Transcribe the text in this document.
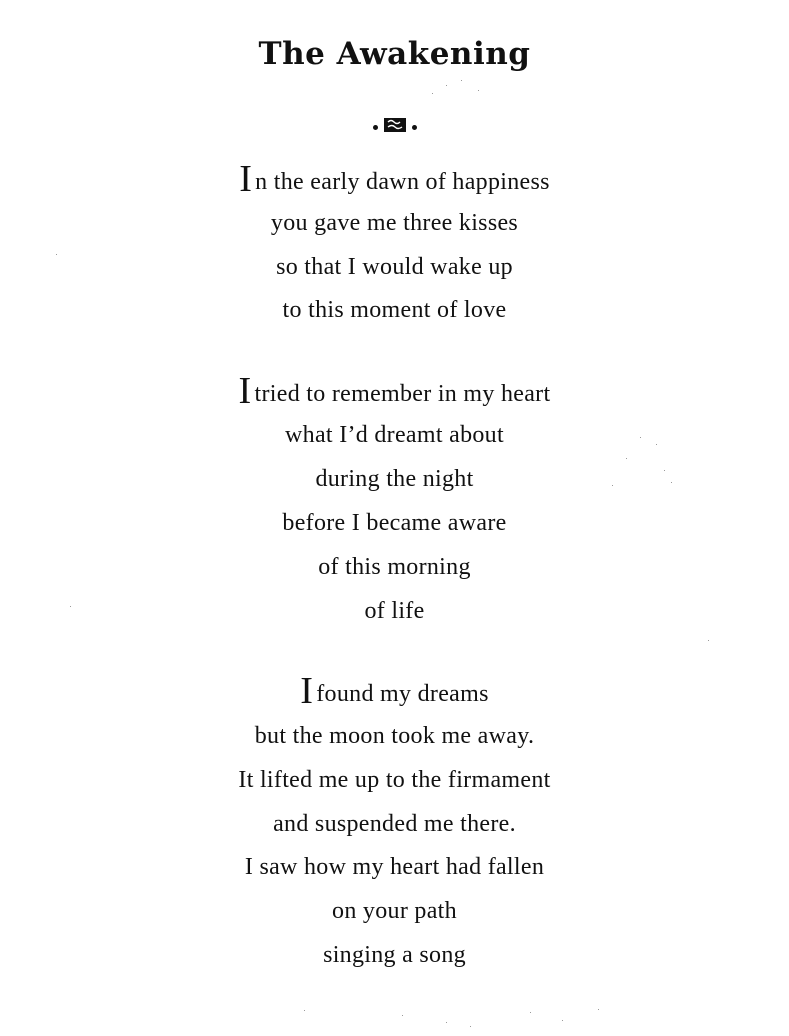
The Awakening
In the early dawn of happiness
you gave me three kisses
so that I would wake up
to this moment of love
Itried to remember in my heart
what I’d dreamt about
during the night
before I became aware
of this morning
of life
Ifound my dreams
but the moon took me away.
It lifted me up to the firmament
and suspended me there.
I saw how my heart had fallen
on your path
singing a song
